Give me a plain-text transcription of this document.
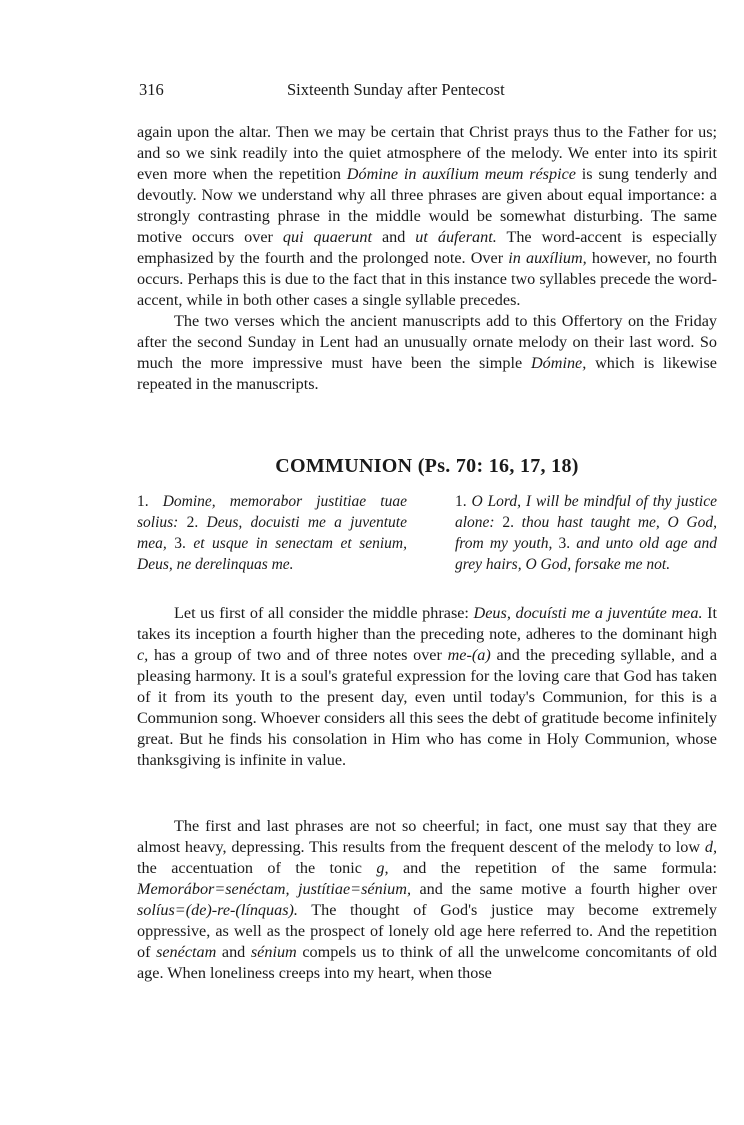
316	Sixteenth Sunday after Pentecost

again upon the altar. Then we may be certain that Christ prays thus to the Father for us; and so we sink readily into the quiet atmosphere of the melody. We enter into its spirit even more when the repetition Dómine in auxílium meum réspice is sung tenderly and devoutly. Now we understand why all three phrases are given about equal importance: a strongly contrasting phrase in the middle would be somewhat disturbing. The same motive occurs over qui quaerunt and ut áuferant. The word-accent is especially emphasized by the fourth and the prolonged note. Over in auxílium, however, no fourth occurs. Perhaps this is due to the fact that in this instance two syllables precede the word-accent, while in both other cases a single syllable precedes.

The two verses which the ancient manuscripts add to this Offertory on the Friday after the second Sunday in Lent had an unusually ornate melody on their last word. So much the more impressive must have been the simple Dómine, which is likewise repeated in the manuscripts.

COMMUNION (Ps. 70: 16, 17, 18)
1. Domine, memorabor justitiae tuae solius: 2. Deus, docuisti me a juventute mea, 3. et usque in senectam et senium, Deus, ne derelinquas me.
1. O Lord, I will be mindful of thy justice alone: 2. thou hast taught me, O God, from my youth, 3. and unto old age and grey hairs, O God, forsake me not.

Let us first of all consider the middle phrase: Deus, docuísti me a juventúte mea. It takes its inception a fourth higher than the preceding note, adheres to the dominant high c, has a group of two and of three notes over me-(a) and the preceding syllable, and a pleasing harmony. It is a soul's grateful expression for the loving care that God has taken of it from its youth to the present day, even until today's Communion, for this is a Communion song. Whoever considers all this sees the debt of gratitude become infinitely great. But he finds his consolation in Him who has come in Holy Communion, whose thanksgiving is infinite in value.

The first and last phrases are not so cheerful; in fact, one must say that they are almost heavy, depressing. This results from the frequent descent of the melody to low d, the accentuation of the tonic g, and the repetition of the same formula: Memorábor=senéctam, justítiae=sénium, and the same motive a fourth higher over solíus=(de)-re-(línquas). The thought of God's justice may become extremely oppressive, as well as the prospect of lonely old age here referred to. And the repetition of senéctam and sénium compels us to think of all the unwelcome concomitants of old age. When loneliness creeps into my heart, when those
